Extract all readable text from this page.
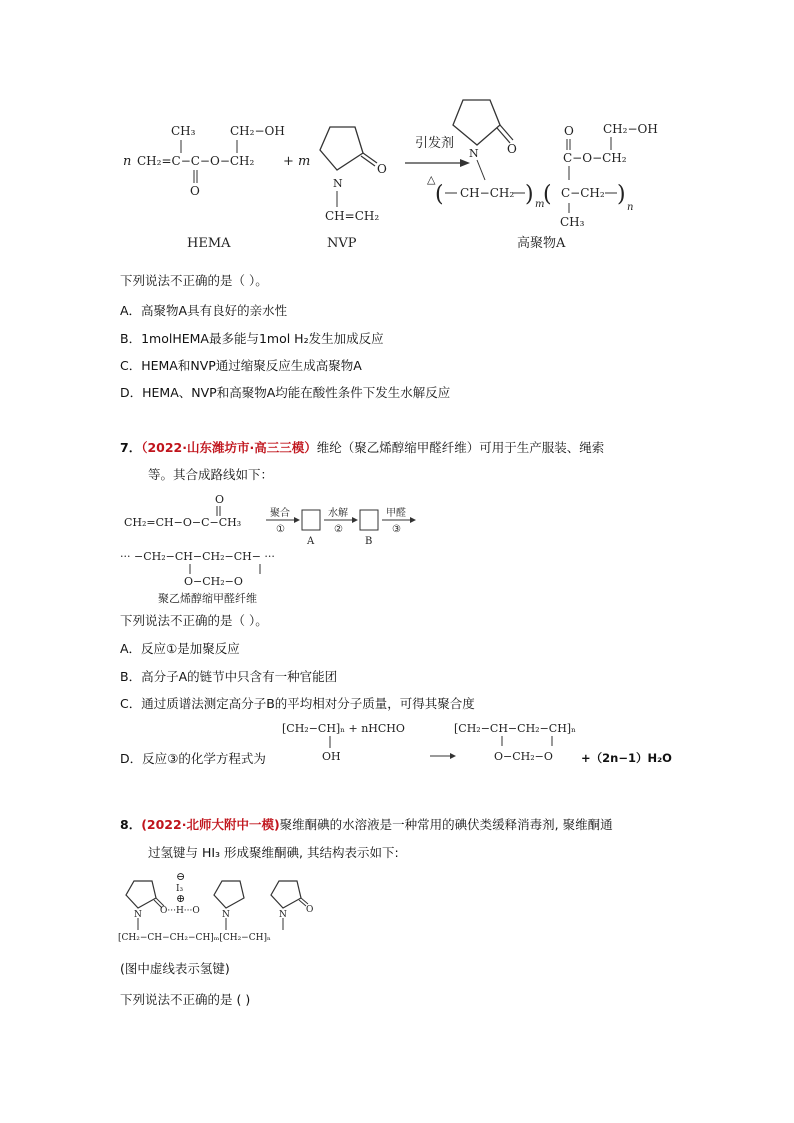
n
CH₃	CH₂−OH
CH₂=C−C−O−CH₂
O
+ m	O
N
CH=CH₂
引发剂
△
O
N
O CH₂−OH
C−O−CH₂
( CH−CH₂ ) m
( C−CH₂ )
n
CH₃
HEMA	NVP	高聚物A
下列说法不正确的是（ ）。
A．高聚物A具有良好的亲水性
B．1molHEMA最多能与1mol H₂发生加成反应
C．HEMA和NVP通过缩聚反应生成高聚物A
D．HEMA、NVP和高聚物A均能在酸性条件下发生水解反应
7．（2022·山东潍坊市·高三三模）维纶（聚乙烯醇缩甲醛纤维）可用于生产服装、绳索
等。其合成路线如下：
O
CH₂=CH−O−C−CH₃
聚合
①
A
水解
②
B
甲醛
③
··· −CH₂−CH−CH₂−CH− ···
O−CH₂−O
聚乙烯醇缩甲醛纤维
下列说法不正确的是（ ）。
A．反应①是加聚反应
B．高分子A的链节中只含有一种官能团
C．通过质谱法测定高分子B的平均相对分子质量，可得其聚合度
D．反应③的化学方程式为
[CH₂−CH]ₙ + nHCHO
OH
[CH₂−CH−CH₂−CH]ₙ
O−CH₂−O +（2n−1）H₂O
8．(2022·北师大附中一模)聚维酮碘的水溶液是一种常用的碘伏类缓释消毒剂, 聚维酮通
过氢键与 HI₃ 形成聚维酮碘, 其结构表示如下:
⊖
I₃
⊕
N O···H···O N	O
N
[CH₂−CH−CH₂−CH]ₘ[CH₂−CH]ₙ
(图中虚线表示氢键)
下列说法不正确的是 ( )
